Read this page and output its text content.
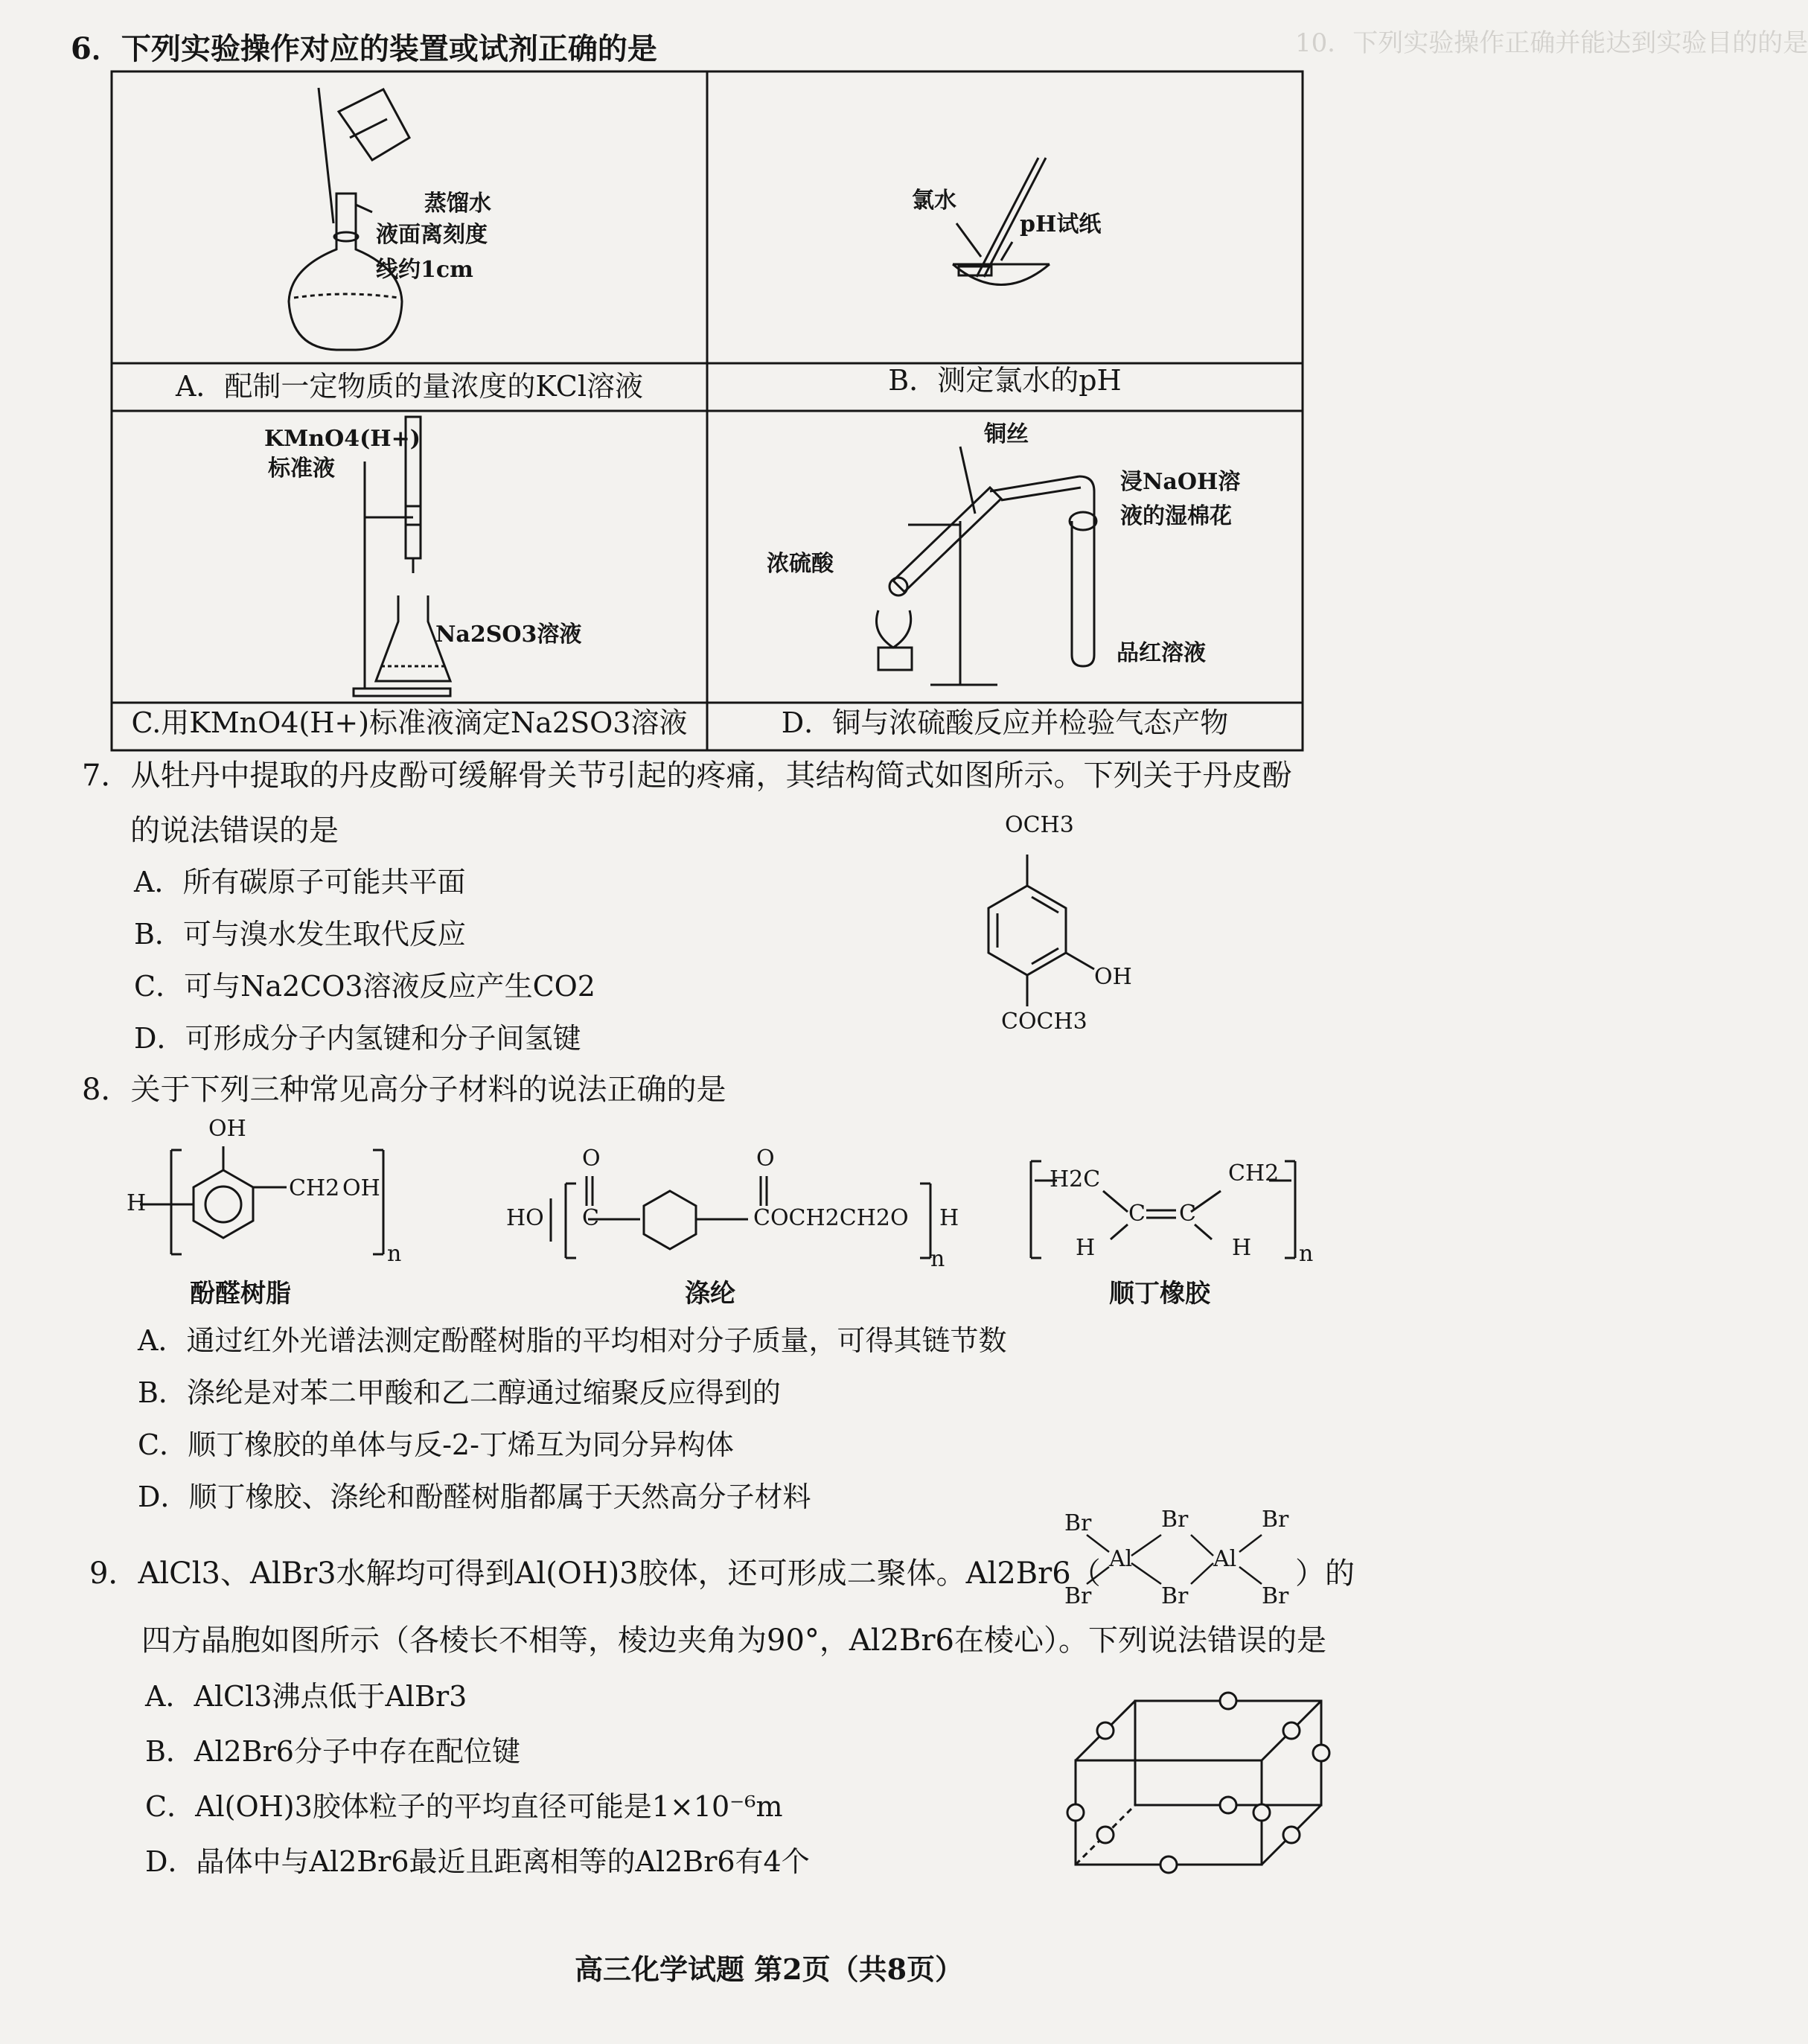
10．下列实验操作正确并能达到实验目的的是
6．下列实验操作对应的装置或试剂正确的是
蒸馏水
液面离刻度
线约1cm
A．配制一定物质的量浓度的KCl溶液
氯水
pH试纸
B．测定氯水的pH
KMnO4(H+)
标准液
Na2SO3溶液
C.用KMnO4(H+)标准液滴定Na2SO3溶液
铜丝
浸NaOH溶
液的湿棉花
浓硫酸
品红溶液
D．铜与浓硫酸反应并检验气态产物
7．从牡丹中提取的丹皮酚可缓解骨关节引起的疼痛，其结构简式如图所示。下列关于丹皮酚
的说法错误的是
A．所有碳原子可能共平面
B．可与溴水发生取代反应
C．可与Na2CO3溶液反应产生CO2
D．可形成分子内氢键和分子间氢键
OCH3
OH
COCH3
8．关于下列三种常见高分子材料的说法正确的是
OH
H
CH2 OH
n
O	O
HO C	COCH2CH2O H
n
H2C	CH2
C C
H	H n
酚醛树脂	涤纶	顺丁橡胶
A．通过红外光谱法测定酚醛树脂的平均相对分子质量，可得其链节数
B．涤纶是对苯二甲酸和乙二醇通过缩聚反应得到的
C．顺丁橡胶的单体与反-2-丁烯互为同分异构体
D．顺丁橡胶、涤纶和酚醛树脂都属于天然高分子材料
9．AlCl3、AlBr3水解均可得到Al(OH)3胶体，还可形成二聚体。Al2Br6（	）的
Br	Br	Br
Al	Al
Br	Br	Br
四方晶胞如图所示（各棱长不相等，棱边夹角为90°，Al2Br6在棱心）。下列说法错误的是
A．AlCl3沸点低于AlBr3
B．Al2Br6分子中存在配位键
C．Al(OH)3胶体粒子的平均直径可能是1×10⁻⁶m
D．晶体中与Al2Br6最近且距离相等的Al2Br6有4个
高三化学试题 第2页（共8页）
